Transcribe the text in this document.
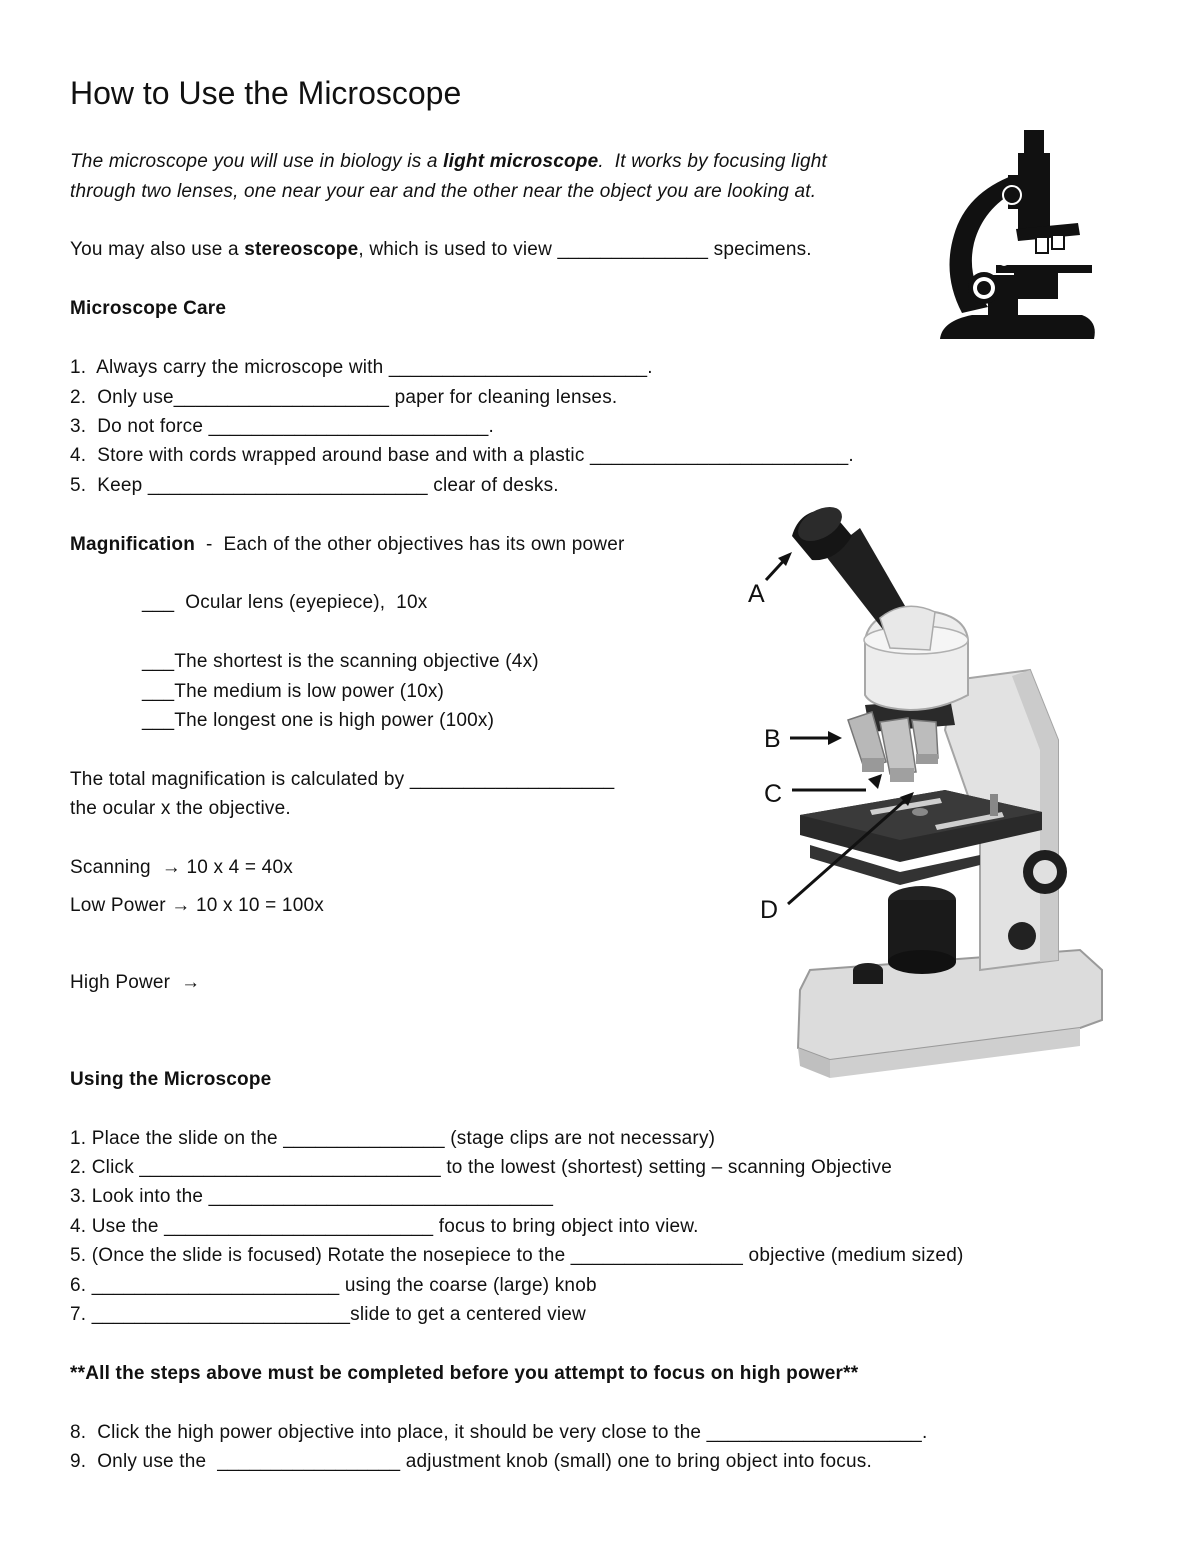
How to Use the Microscope
The microscope you will use in biology is a light microscope.  It works by focusing light
through two lenses, one near your ear and the other near the object you are looking at.
You may also use a stereoscope, which is used to view ______________ specimens.
Microscope Care
1.  Always carry the microscope with ________________________.
2.  Only use____________________ paper for cleaning lenses.
3.  Do not force __________________________.
4.  Store with cords wrapped around base and with a plastic ________________________.
5.  Keep __________________________ clear of desks.
Magnification  -  Each of the other objectives has its own power
___  Ocular lens (eyepiece),  10x
___The shortest is the scanning objective (4x)
___The medium is low power (10x)
___The longest one is high power (100x)
The total magnification is calculated by ___________________
the ocular x the objective.
Scanning  → 10 x 4 = 40x
Low Power → 10 x 10 = 100x
High Power  →
A
B
C
D
Using the Microscope
1. Place the slide on the _______________ (stage clips are not necessary)
2. Click ____________________________ to the lowest (shortest) setting – scanning Objective
3. Look into the ________________________________
4. Use the _________________________ focus to bring object into view.
5. (Once the slide is focused) Rotate the nosepiece to the ________________ objective (medium sized)
6. _______________________ using the coarse (large) knob
7. ________________________slide to get a centered view
**All the steps above must be completed before you attempt to focus on high power**
8.  Click the high power objective into place, it should be very close to the ____________________.
9.  Only use the  _________________ adjustment knob (small) one to bring object into focus.
